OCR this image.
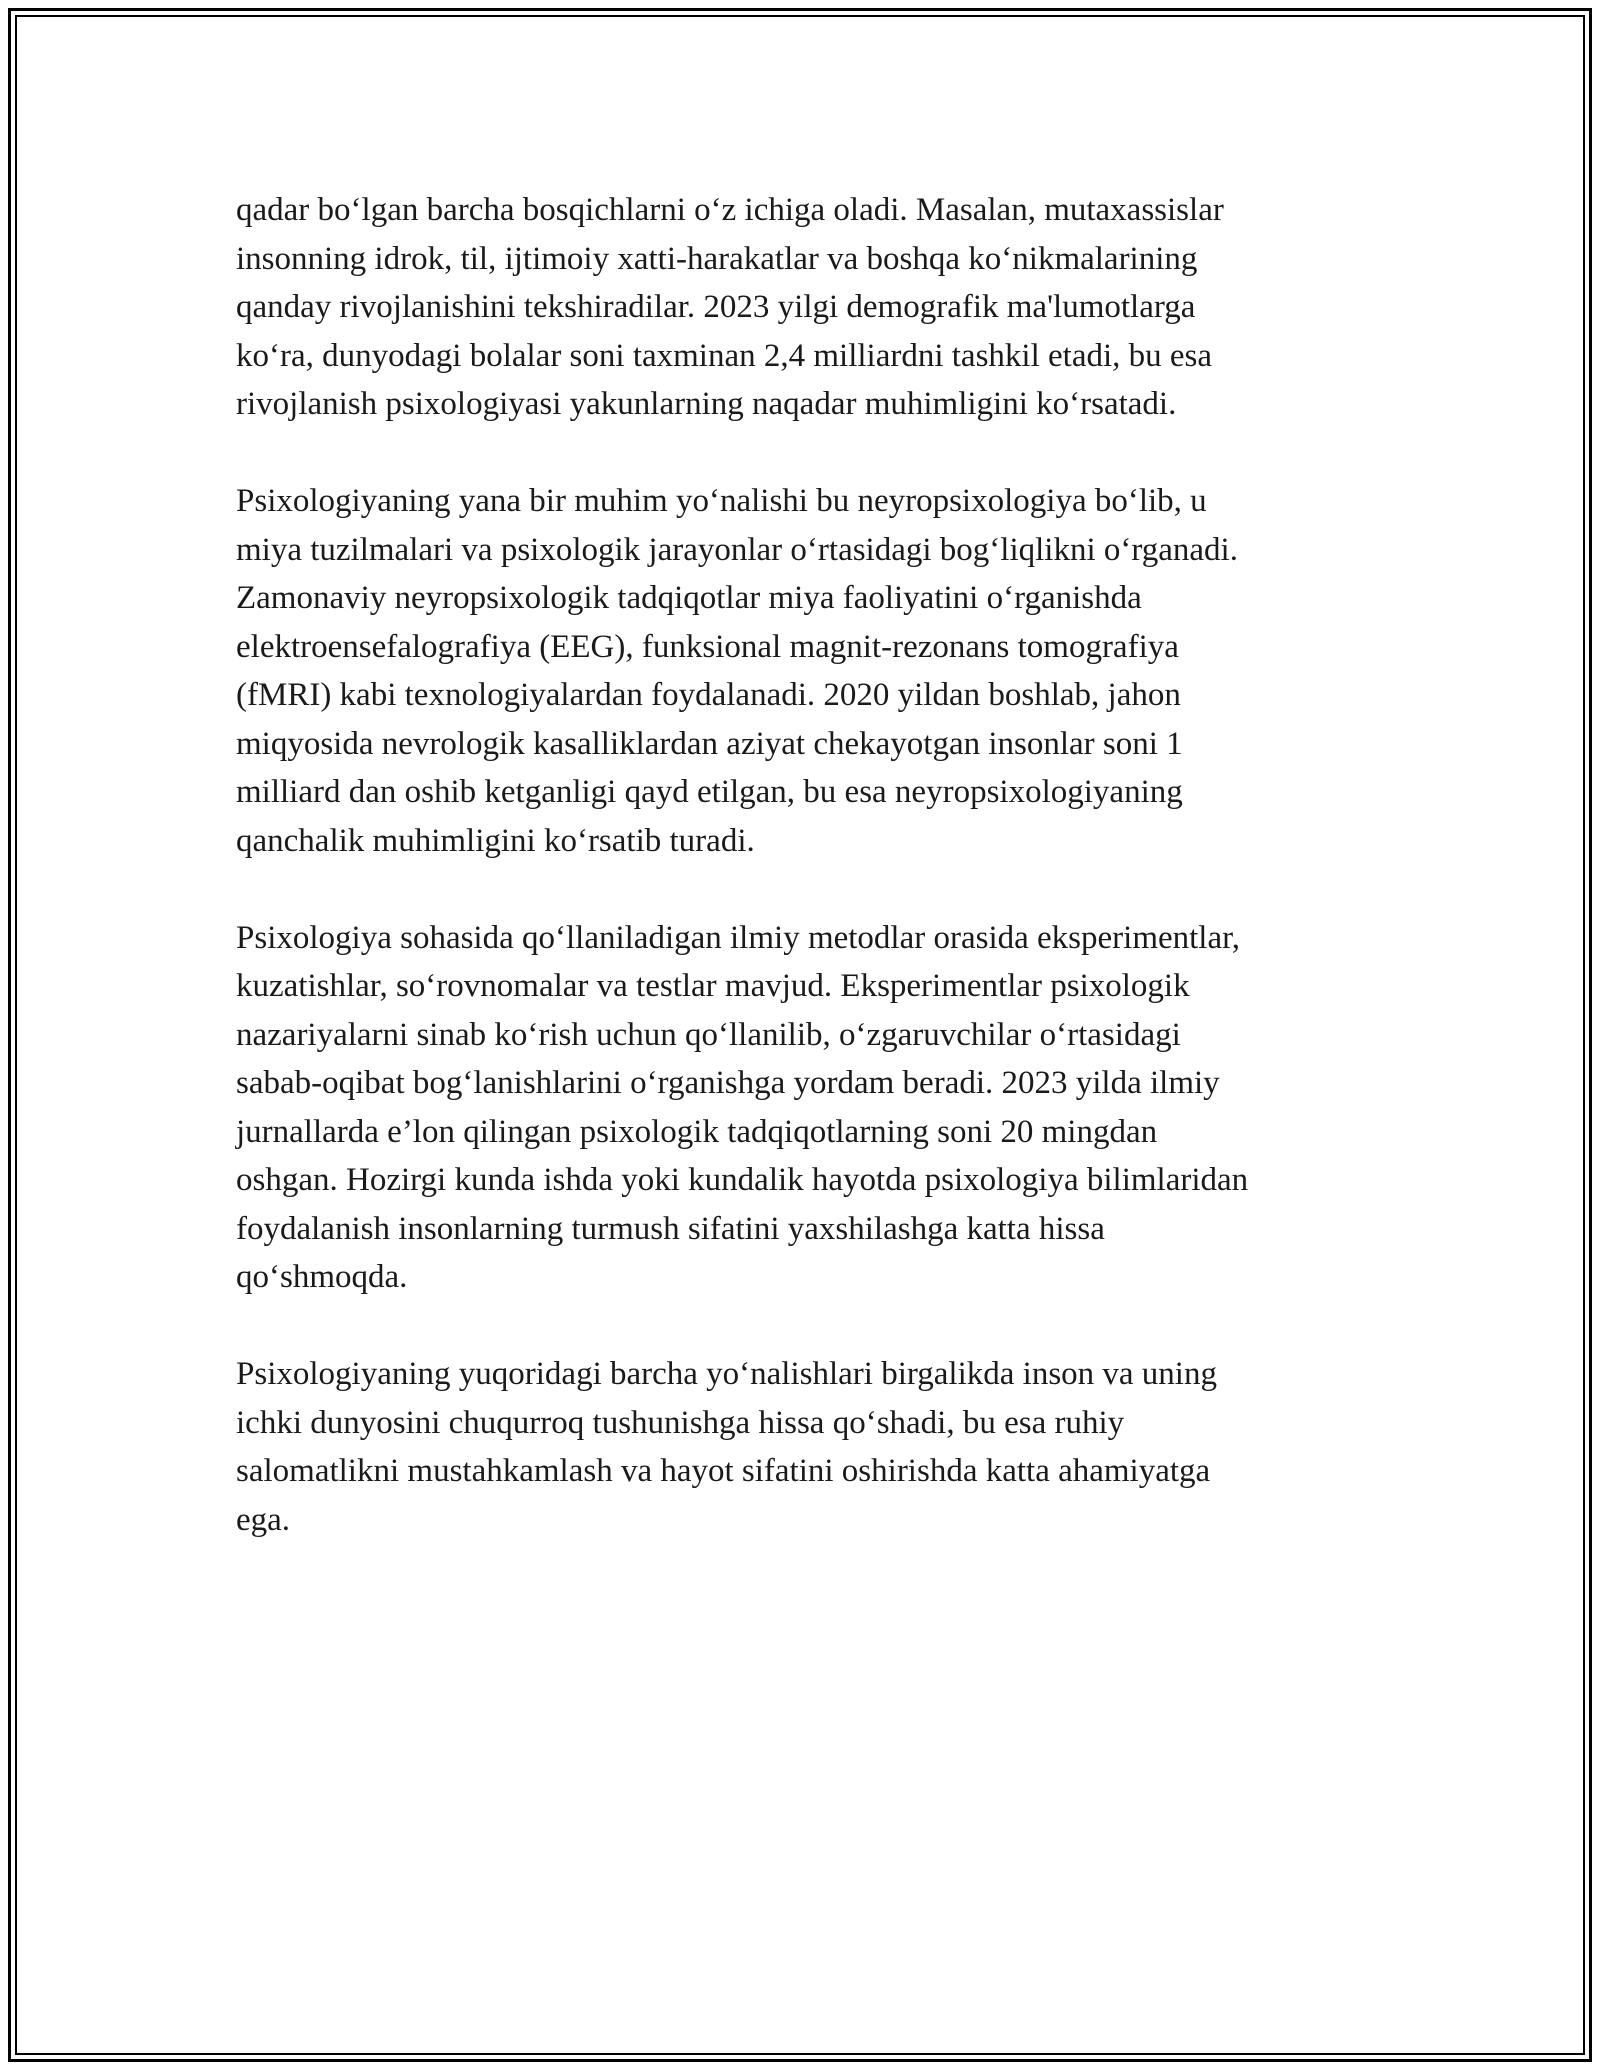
qadar bo‘lgan barcha bosqichlarni o‘z ichiga oladi. Masalan, mutaxassislar
insonning idrok, til, ijtimoiy xatti-harakatlar va boshqa ko‘nikmalarining
qanday rivojlanishini tekshiradilar. 2023 yilgi demografik ma'lumotlarga
ko‘ra, dunyodagi bolalar soni taxminan 2,4 milliardni tashkil etadi, bu esa
rivojlanish psixologiyasi yakunlarning naqadar muhimligini ko‘rsatadi.

Psixologiyaning yana bir muhim yo‘nalishi bu neyropsixologiya bo‘lib, u
miya tuzilmalari va psixologik jarayonlar o‘rtasidagi bog‘liqlikni o‘rganadi.
Zamonaviy neyropsixologik tadqiqotlar miya faoliyatini o‘rganishda
elektroensefalografiya (EEG), funksional magnit-rezonans tomografiya
(fMRI) kabi texnologiyalardan foydalanadi. 2020 yildan boshlab, jahon
miqyosida nevrologik kasalliklardan aziyat chekayotgan insonlar soni 1
milliard dan oshib ketganligi qayd etilgan, bu esa neyropsixologiyaning
qanchalik muhimligini ko‘rsatib turadi.

Psixologiya sohasida qo‘llaniladigan ilmiy metodlar orasida eksperimentlar,
kuzatishlar, so‘rovnomalar va testlar mavjud. Eksperimentlar psixologik
nazariyalarni sinab ko‘rish uchun qo‘llanilib, o‘zgaruvchilar o‘rtasidagi
sabab-oqibat bog‘lanishlarini o‘rganishga yordam beradi. 2023 yilda ilmiy
jurnallarda e’lon qilingan psixologik tadqiqotlarning soni 20 mingdan
oshgan. Hozirgi kunda ishda yoki kundalik hayotda psixologiya bilimlaridan
foydalanish insonlarning turmush sifatini yaxshilashga katta hissa
qo‘shmoqda.

Psixologiyaning yuqoridagi barcha yo‘nalishlari birgalikda inson va uning
ichki dunyosini chuqurroq tushunishga hissa qo‘shadi, bu esa ruhiy
salomatlikni mustahkamlash va hayot sifatini oshirishda katta ahamiyatga
ega.
